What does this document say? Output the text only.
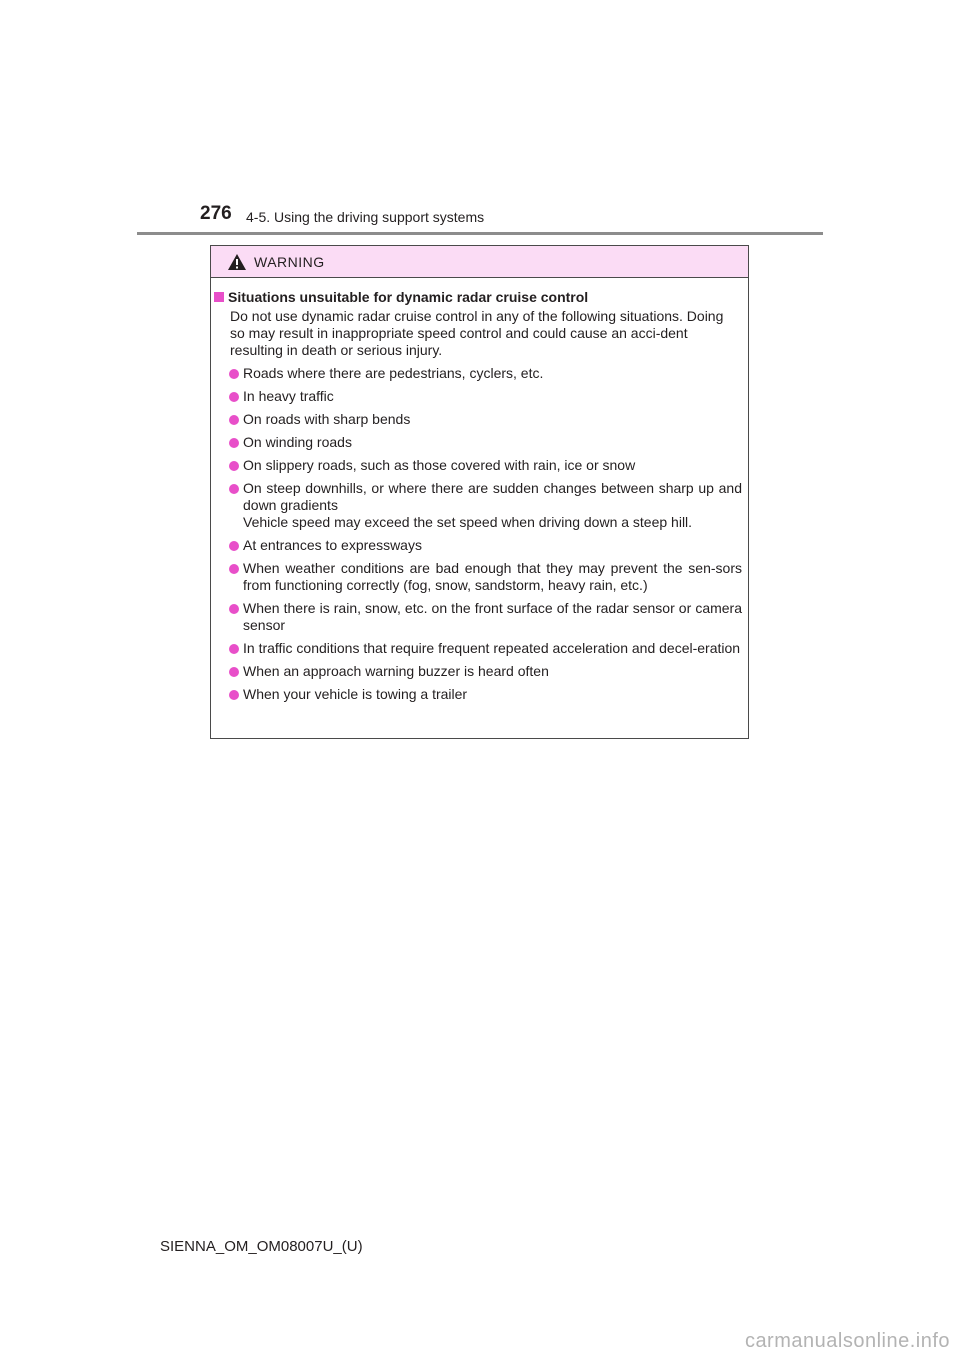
276 4-5. Using the driving support systems
WARNING
Situations unsuitable for dynamic radar cruise control
Do not use dynamic radar cruise control in any of the following situations. Doing so may result in inappropriate speed control and could cause an acci-dent resulting in death or serious injury.
Roads where there are pedestrians, cyclers, etc.
In heavy traffic
On roads with sharp bends
On winding roads
On slippery roads, such as those covered with rain, ice or snow
On steep downhills, or where there are sudden changes between sharp up and down gradients
Vehicle speed may exceed the set speed when driving down a steep hill.
At entrances to expressways
When weather conditions are bad enough that they may prevent the sen-sors from functioning correctly (fog, snow, sandstorm, heavy rain, etc.)
When there is rain, snow, etc. on the front surface of the radar sensor or camera sensor
In traffic conditions that require frequent repeated acceleration and decel-eration
When an approach warning buzzer is heard often
When your vehicle is towing a trailer
SIENNA_OM_OM08007U_(U)
carmanualsonline.info
